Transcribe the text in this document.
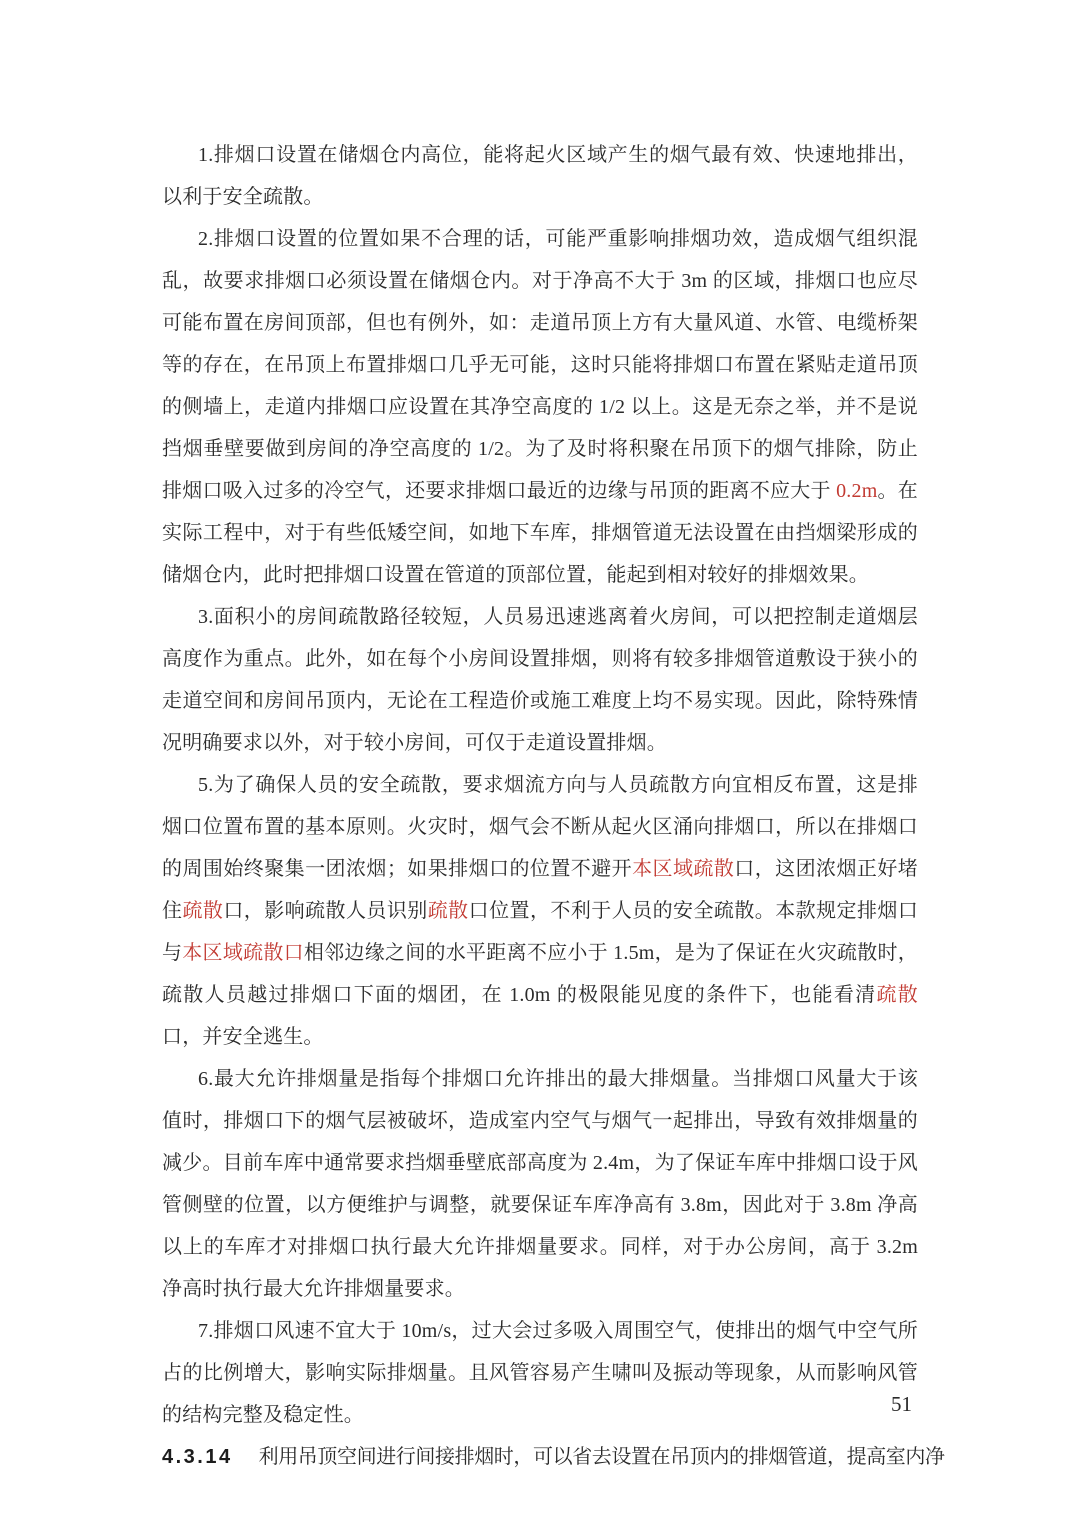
1.排烟口设置在储烟仓内高位，能将起火区域产生的烟气最有效、快速地排出，以利于安全疏散。

2.排烟口设置的位置如果不合理的话，可能严重影响排烟功效，造成烟气组织混乱，故要求排烟口必须设置在储烟仓内。对于净高不大于 3m 的区域，排烟口也应尽可能布置在房间顶部，但也有例外，如：走道吊顶上方有大量风道、水管、电缆桥架等的存在，在吊顶上布置排烟口几乎无可能，这时只能将排烟口布置在紧贴走道吊顶的侧墙上，走道内排烟口应设置在其净空高度的 1/2 以上。这是无奈之举，并不是说挡烟垂壁要做到房间的净空高度的 1/2。为了及时将积聚在吊顶下的烟气排除，防止排烟口吸入过多的冷空气，还要求排烟口最近的边缘与吊顶的距离不应大于 0.2m。在实际工程中，对于有些低矮空间，如地下车库，排烟管道无法设置在由挡烟梁形成的储烟仓内，此时把排烟口设置在管道的顶部位置，能起到相对较好的排烟效果。

3.面积小的房间疏散路径较短，人员易迅速逃离着火房间，可以把控制走道烟层高度作为重点。此外，如在每个小房间设置排烟，则将有较多排烟管道敷设于狭小的走道空间和房间吊顶内，无论在工程造价或施工难度上均不易实现。因此，除特殊情况明确要求以外，对于较小房间，可仅于走道设置排烟。

5.为了确保人员的安全疏散，要求烟流方向与人员疏散方向宜相反布置，这是排烟口位置布置的基本原则。火灾时，烟气会不断从起火区涌向排烟口，所以在排烟口的周围始终聚集一团浓烟；如果排烟口的位置不避开本区域疏散口，这团浓烟正好堵住疏散口，影响疏散人员识别疏散口位置，不利于人员的安全疏散。本款规定排烟口与本区域疏散口相邻边缘之间的水平距离不应小于 1.5m，是为了保证在火灾疏散时，疏散人员越过排烟口下面的烟团，在 1.0m 的极限能见度的条件下，也能看清疏散口，并安全逃生。

6.最大允许排烟量是指每个排烟口允许排出的最大排烟量。当排烟口风量大于该值时，排烟口下的烟气层被破坏，造成室内空气与烟气一起排出，导致有效排烟量的减少。目前车库中通常要求挡烟垂壁底部高度为 2.4m，为了保证车库中排烟口设于风管侧壁的位置，以方便维护与调整，就要保证车库净高有 3.8m，因此对于 3.8m 净高以上的车库才对排烟口执行最大允许排烟量要求。同样，对于办公房间，高于 3.2m 净高时执行最大允许排烟量要求。

7.排烟口风速不宜大于 10m/s，过大会过多吸入周围空气，使排出的烟气中空气所占的比例增大，影响实际排烟量。且风管容易产生啸叫及振动等现象，从而影响风管的结构完整及稳定性。

4.3.14 利用吊顶空间进行间接排烟时，可以省去设置在吊顶内的排烟管道，提高室内净

51
